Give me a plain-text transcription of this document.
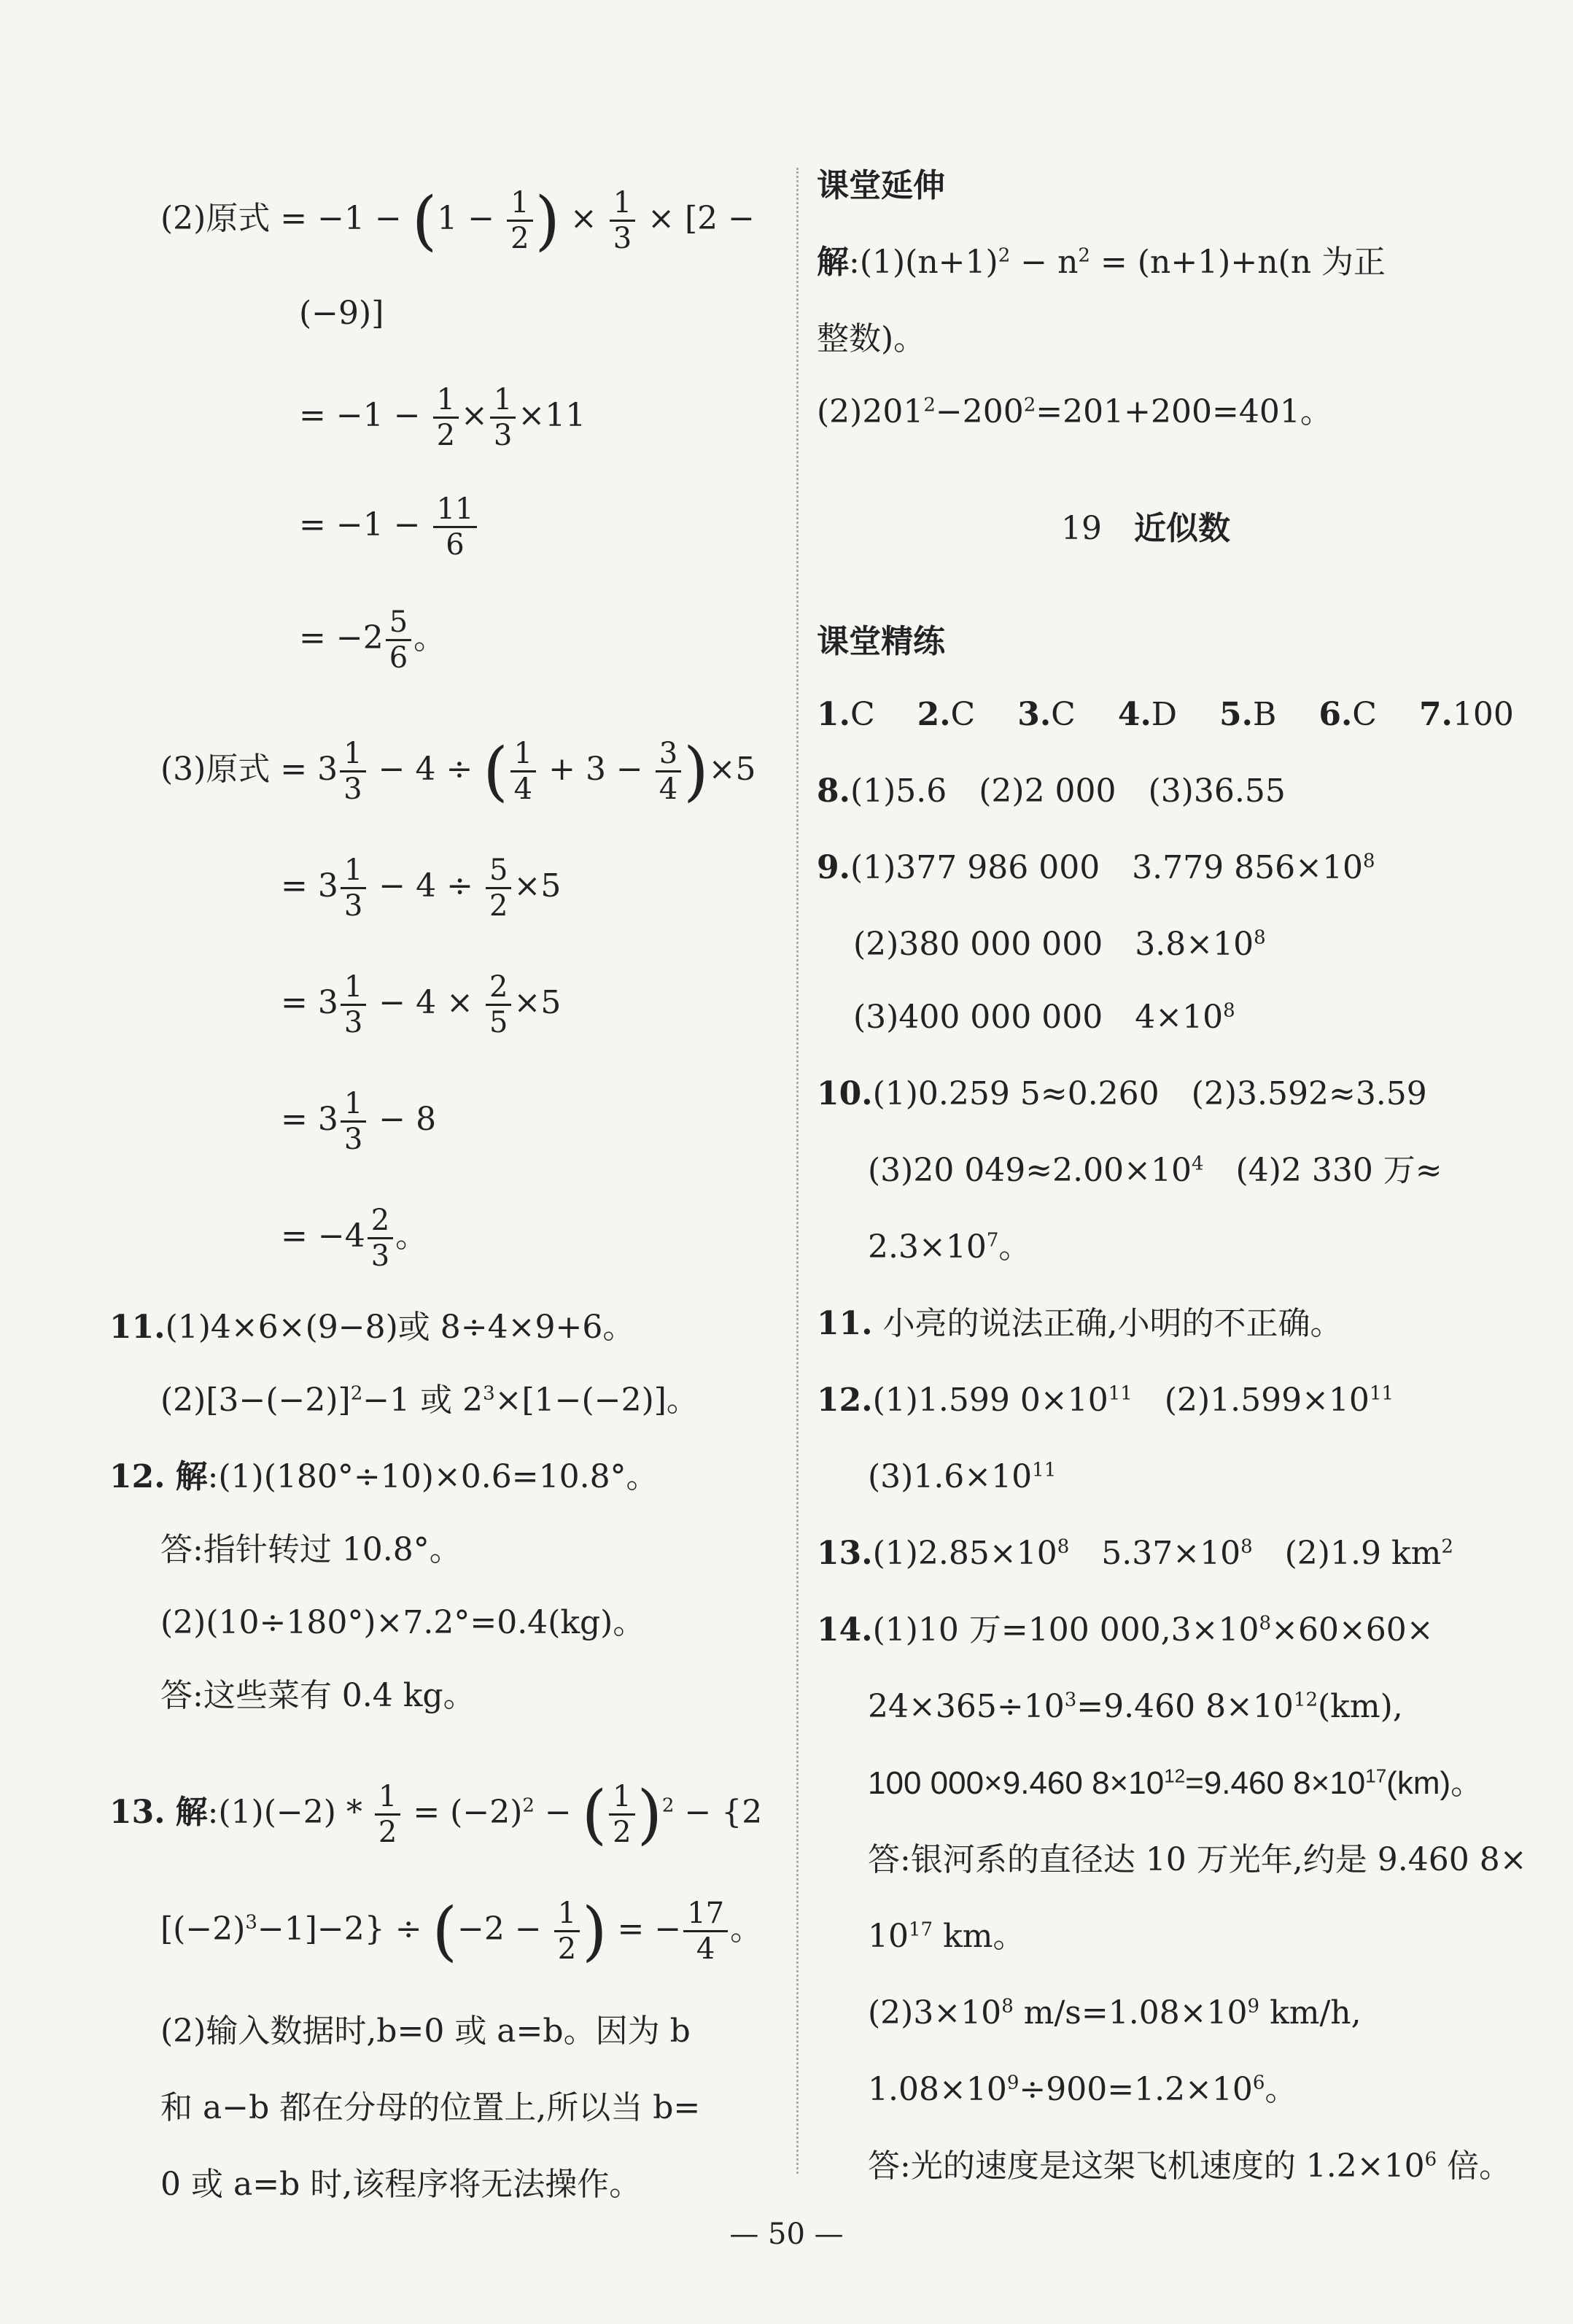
(2)原式 = $-1 - (1 - \frac{1}{2}$ ) × $\frac{1}{3} \times [2$ −
(−9)]
= $-1 - \frac{1}{2} \times \frac{1}{3} \times 11$
= $-1 - \frac{11}{6}$
= $-2 \frac{5}{6}$ 。
(3)原式 = $3 \frac{1}{3} - 4$ ÷ ( $\frac{1}{4} + 3 - \frac{3}{4} )\times 5$
= $3 \frac{1}{3} - 4 \div \frac{5}{2} \times 5$
= $3 \frac{1}{3} - 4 \times \frac{2}{5} \times 5$
= $3 \frac{1}{3} - 8$
= $-4 \frac{2}{3}$ 。
11.(1)4×6×(9−8)或 8÷4×9+6。
$(2)[3-(-2)]^2-1$ 或 $2^3\times[1-(-2)]$。
12. 解:(1)(180°÷10)×0.6=10.8°。
答:指针转过 10.8°。
(2)(10÷180°)×7.2°=0.4(kg)。
答:这些菜有 0.4 kg。
13. 解:(1)(−2) * $\frac{1}{2} = (-2)^2$ − ( $\frac{1}{2} )^2 - \{2$
$[(-2)^3-1]-2\} \div (-2 - \frac{1}{2}$ ) = − $\frac{17}{4}$ 。
(2)输入数据时,b=0 或 a=b。因为 b
和 a−b 都在分母的位置上,所以当 b=
0 或 a=b 时,该程序将无法操作。
课堂延伸
解$:(1)(n+1)^2 - n^2 = (n+1)+n(n$ 为正
整数)。
$(2)201^2-200^2=201+200=401$。
19　 近似数
课堂精练
1.C　 2.C　 3.C　 4.D　 5.B　 6.C　 7.100
8.(1)5.6　(2)2 000　(3)36.55
9.(1)377 986 000　3.779 $856\times 10^8$
(2)380 000 000　$3.8\times 10^8$
(3)400 000 000　$4\times 10^8$
10.(1)0.259 5≈0.260　(2)3.592≈3.59
(3)20 $049\approx 2.00\times 10^4$　(4)2 330 万≈
$2.3\times 10^7$。
11. 小亮的说法正确,小明的不正确。
12.(1)1.599 $0\times 10^{11}$　$(2)1.599\times 10^{11}$
$(3)1.6\times 10^{11}$
$13.(1)2.85\times 10^8$　$5.37\times 10^8$　(2)1.9 $km^2$
14.(1)10 万=100 $000,3\times 10^8\times 60\times 60\times$
$24\times 365\div 10^3=9.460$ $8\times 10^{12}(km)$,
100 000×9.460 $8\times 10^{12}=9.460$ $8\times 10^{17}(km)$。
答:银河系的直径达 10 万光年,约是 9.460 8×
$10^{17}$ km。
$(2)3\times 10^8$ $m/s=1.08\times 10^9$ km/h,
$1.08\times 10^9\div 900=1.2\times 10^6$。
答:光的速度是这架飞机速度的 $1.2\times 10^6$ 倍。
— 50 —
